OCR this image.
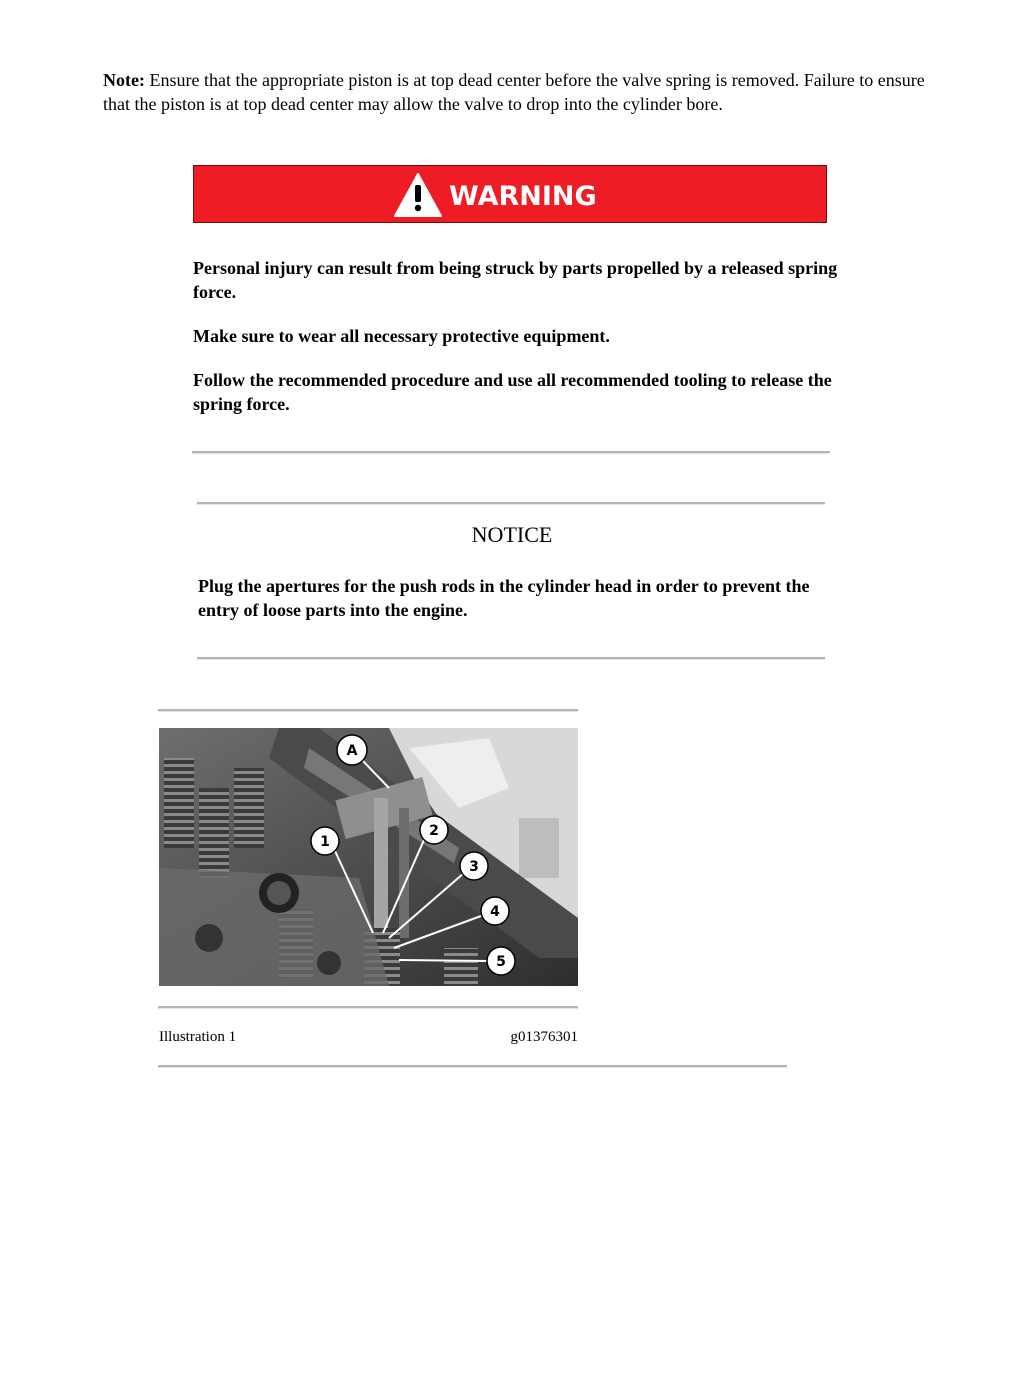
Note: Ensure that the appropriate piston is at top dead center before the valve spring is removed. Failure to ensure that the piston is at top dead center may allow the valve to drop into the cylinder bore.

WARNING

Personal injury can result from being struck by parts propelled by a released spring force.

Make sure to wear all necessary protective equipment.

Follow the recommended procedure and use all recommended tooling to release the spring force.

NOTICE

Plug the apertures for the push rods in the cylinder head in order to prevent the entry of loose parts into the engine.

A
1
2
3
4
5
Illustration 1	g01376301
